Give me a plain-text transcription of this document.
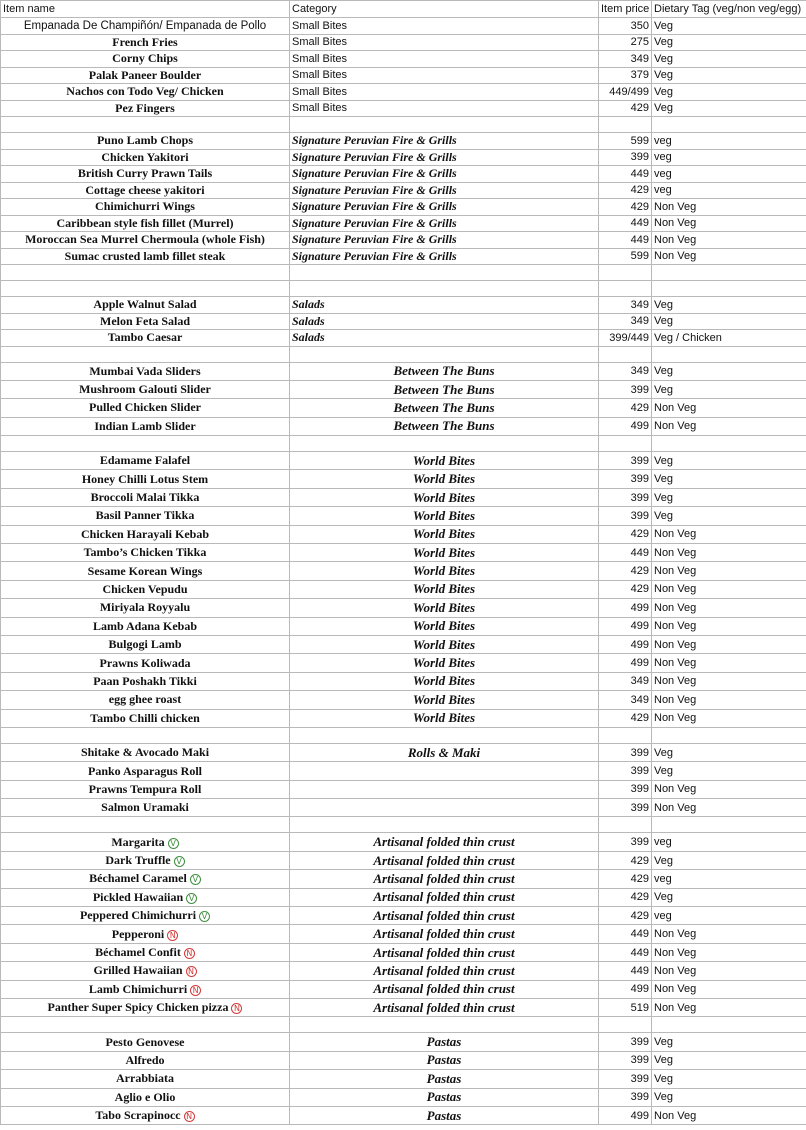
Item name	Category	Item price	Dietary Tag (veg/non veg/egg)
Empanada De Champiñón/ Empanada de Pollo	Small Bites	350	Veg
French Fries	Small Bites	275	Veg
Corny Chips	Small Bites	349	Veg
Palak Paneer Boulder	Small Bites	379	Veg
Nachos con Todo Veg/ Chicken	Small Bites	449/499	Veg
Pez Fingers	Small Bites	429	Veg

Puno Lamb Chops	Signature Peruvian Fire & Grills	599	veg
Chicken Yakitori	Signature Peruvian Fire & Grills	399	veg
British Curry Prawn Tails	Signature Peruvian Fire & Grills	449	veg
Cottage cheese yakitori	Signature Peruvian Fire & Grills	429	veg
Chimichurri Wings	Signature Peruvian Fire & Grills	429	Non Veg
Caribbean style fish fillet (Murrel)	Signature Peruvian Fire & Grills	449	Non Veg
Moroccan Sea Murrel Chermoula (whole Fish)	Signature Peruvian Fire & Grills	449	Non Veg
Sumac crusted lamb fillet steak	Signature Peruvian Fire & Grills	599	Non Veg

Apple Walnut Salad	Salads	349	Veg
Melon Feta Salad	Salads	349	Veg
Tambo Caesar	Salads	399/449	Veg / Chicken

Mumbai Vada Sliders	Between The Buns	349	Veg
Mushroom Galouti Slider	Between The Buns	399	Veg
Pulled Chicken Slider	Between The Buns	429	Non Veg
Indian Lamb Slider	Between The Buns	499	Non Veg

Edamame Falafel	World Bites	399	Veg
Honey Chilli Lotus Stem	World Bites	399	Veg
Broccoli Malai Tikka	World Bites	399	Veg
Basil Panner Tikka	World Bites	399	Veg
Chicken Harayali Kebab	World Bites	429	Non Veg
Tambo’s Chicken Tikka	World Bites	449	Non Veg
Sesame Korean Wings	World Bites	429	Non Veg
Chicken Vepudu	World Bites	429	Non Veg
Miriyala Royyalu	World Bites	499	Non Veg
Lamb Adana Kebab	World Bites	499	Non Veg
Bulgogi Lamb	World Bites	499	Non Veg
Prawns Koliwada	World Bites	499	Non Veg
Paan Poshakh Tikki	World Bites	349	Non Veg
egg ghee roast	World Bites	349	Non Veg
Tambo Chilli chicken	World Bites	429	Non Veg

Shitake & Avocado Maki	Rolls & Maki	399	Veg
Panko Asparagus Roll		399	Veg
Prawns Tempura Roll		399	Non Veg
Salmon Uramaki		399	Non Veg

Margarita V	Artisanal folded thin crust	399	veg
Dark Truffle V	Artisanal folded thin crust	429	Veg
Béchamel Caramel V	Artisanal folded thin crust	429	veg
Pickled Hawaiian V	Artisanal folded thin crust	429	Veg
Peppered Chimichurri V	Artisanal folded thin crust	429	veg
Pepperoni N	Artisanal folded thin crust	449	Non Veg
Béchamel Confit N	Artisanal folded thin crust	449	Non Veg
Grilled Hawaiian N	Artisanal folded thin crust	449	Non Veg
Lamb Chimichurri N	Artisanal folded thin crust	499	Non Veg
Panther Super Spicy Chicken pizza N	Artisanal folded thin crust	519	Non Veg

Pesto Genovese	Pastas	399	Veg
Alfredo	Pastas	399	Veg
Arrabbiata	Pastas	399	Veg
Aglio e Olio	Pastas	399	Veg
Tabo Scrapinocc N	Pastas	499	Non Veg
